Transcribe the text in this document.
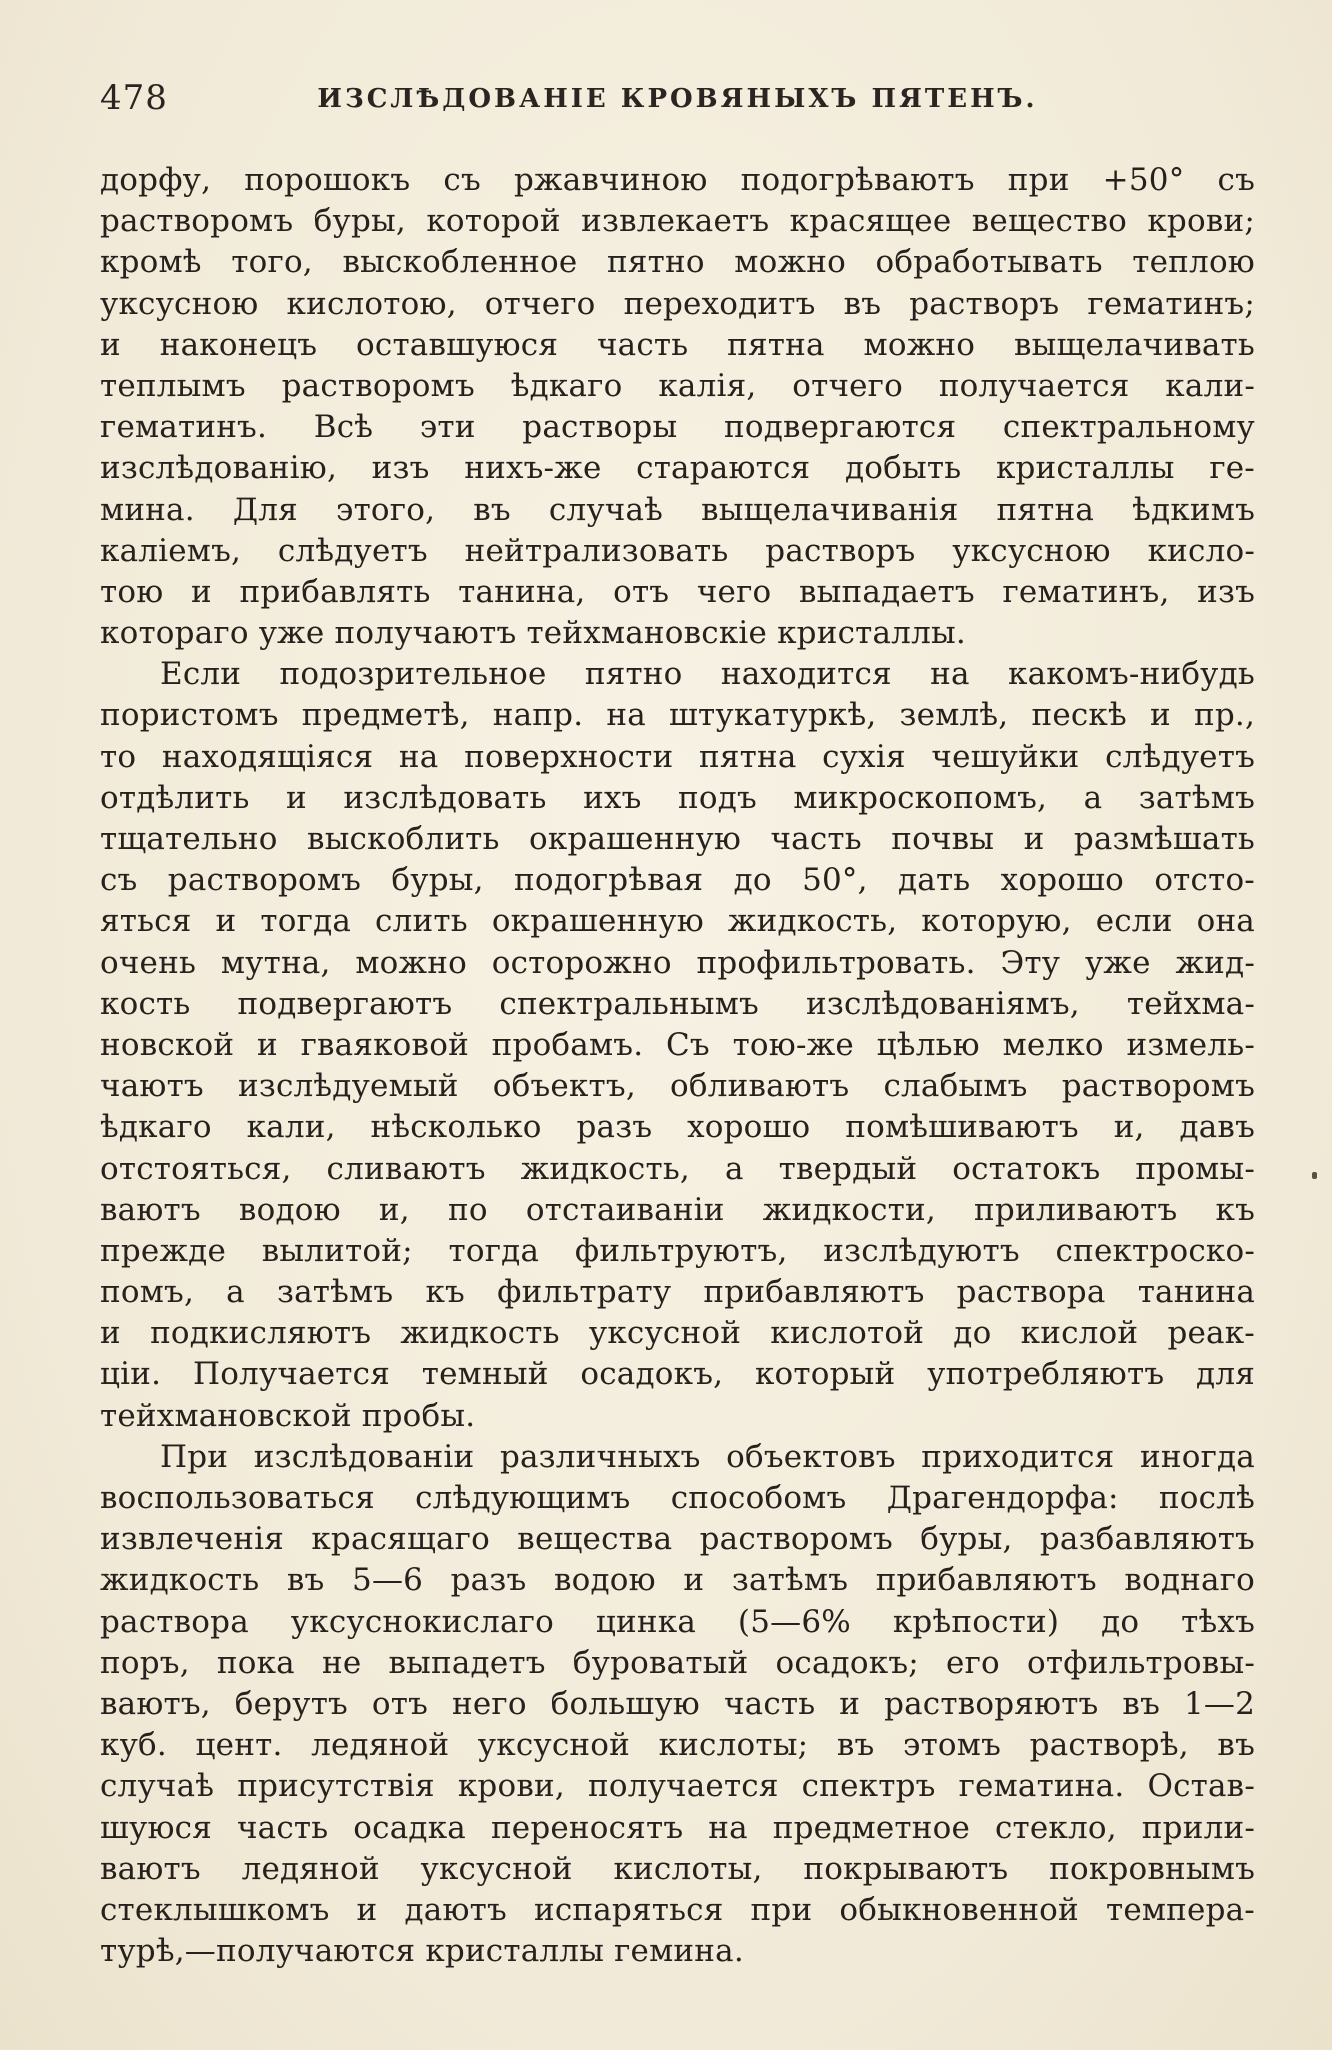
478	ИЗСЛѢДОВАНІЕ КРОВЯНЫХЪ ПЯТЕНЪ.
дорфу, порошокъ съ ржавчиною подогрѣваютъ при +50° съ
растворомъ буры, которой извлекаетъ красящее вещество крови;
кромѣ того, выскобленное пятно можно обработывать теплою
уксусною кислотою, отчего переходитъ въ растворъ гематинъ;
и наконецъ оставшуюся часть пятна можно выщелачивать
теплымъ растворомъ ѣдкаго калія, отчего получается кали-
гематинъ. Всѣ эти растворы подвергаются спектральному
изслѣдованію, изъ нихъ-же стараются добыть кристаллы ге-
мина. Для этого, въ случаѣ выщелачиванія пятна ѣдкимъ
каліемъ, слѣдуетъ нейтрализовать растворъ уксусною кисло-
тою и прибавлять танина, отъ чего выпадаетъ гематинъ, изъ
котораго уже получаютъ тейхмановскіе кристаллы.
Если подозрительное пятно находится на какомъ-нибудь
пористомъ предметѣ, напр. на штукатуркѣ, землѣ, пескѣ и пр.,
то находящіяся на поверхности пятна сухія чешуйки слѣдуетъ
отдѣлить и изслѣдовать ихъ подъ микроскопомъ, а затѣмъ
тщательно выскоблить окрашенную часть почвы и размѣшать
съ растворомъ буры, подогрѣвая до 50°, дать хорошо отсто-
яться и тогда слить окрашенную жидкость, которую, если она
очень мутна, можно осторожно профильтровать. Эту уже жид-
кость подвергаютъ спектральнымъ изслѣдованіямъ, тейхма-
новской и гваяковой пробамъ. Съ тою-же цѣлью мелко измель-
чаютъ изслѣдуемый объектъ, обливаютъ слабымъ растворомъ
ѣдкаго кали, нѣсколько разъ хорошо помѣшиваютъ и, давъ
отстояться, сливаютъ жидкость, а твердый остатокъ промы-
ваютъ водою и, по отстаиваніи жидкости, приливаютъ къ
прежде вылитой; тогда фильтруютъ, изслѣдуютъ спектроско-
помъ, а затѣмъ къ фильтрату прибавляютъ раствора танина
и подкисляютъ жидкость уксусной кислотой до кислой реак-
ціи. Получается темный осадокъ, который употребляютъ для
тейхмановской пробы.
При изслѣдованіи различныхъ объектовъ приходится иногда
воспользоваться слѣдующимъ способомъ Драгендорфа: послѣ
извлеченія красящаго вещества растворомъ буры, разбавляютъ
жидкость въ 5—6 разъ водою и затѣмъ прибавляютъ воднаго
раствора уксуснокислаго цинка (5—6% крѣпости) до тѣхъ
поръ, пока не выпадетъ буроватый осадокъ; его отфильтровы-
ваютъ, берутъ отъ него большую часть и растворяютъ въ 1—2
куб. цент. ледяной уксусной кислоты; въ этомъ растворѣ, въ
случаѣ присутствія крови, получается спектръ гематина. Остав-
шуюся часть осадка переносятъ на предметное стекло, прили-
ваютъ ледяной уксусной кислоты, покрываютъ покровнымъ
стеклышкомъ и даютъ испаряться при обыкновенной темпера-
турѣ,—получаются кристаллы гемина.
